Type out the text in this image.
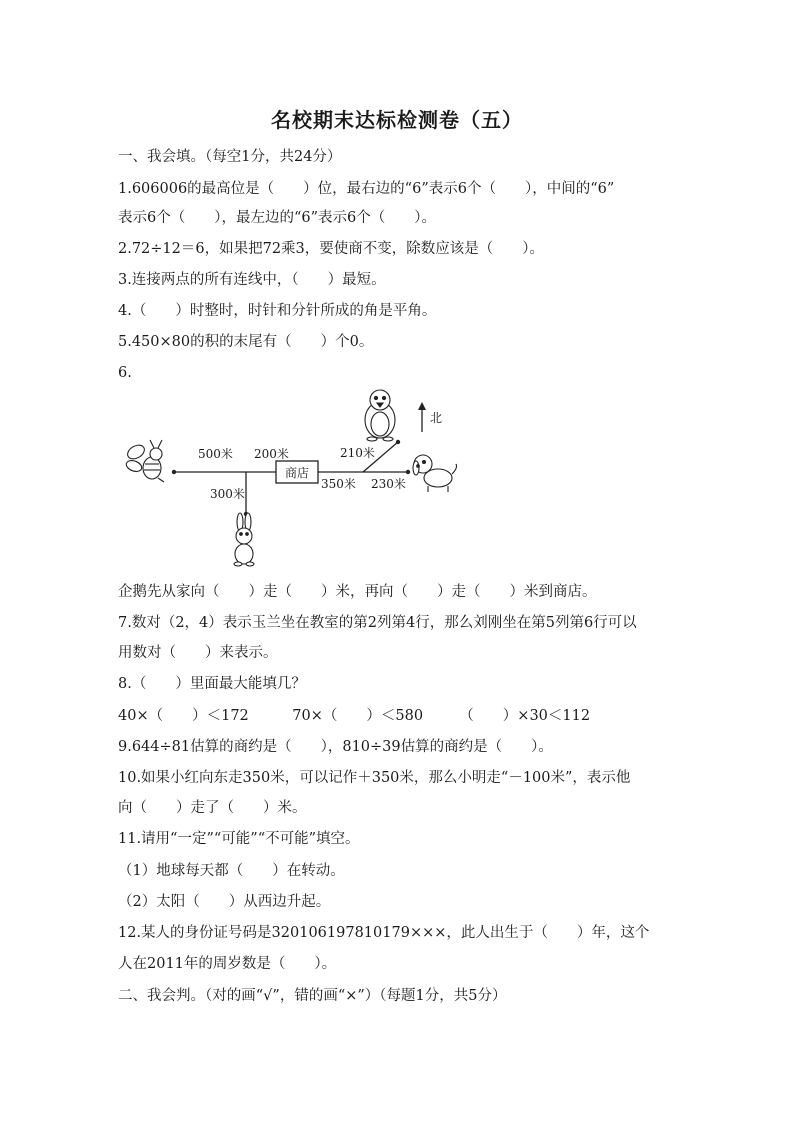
名校期末达标检测卷（五）
一、我会填。（每空1分，共24分）
1.606006的最高位是（　　）位，最右边的“6”表示6个（　　），中间的“6”
表示6个（　　），最左边的“6”表示6个（　　）。
2.72÷12＝6，如果把72乘3，要使商不变，除数应该是（　　）。
3.连接两点的所有连线中，（　　）最短。
4.（　　）时整时，时针和分针所成的角是平角。
5.450×80的积的末尾有（　　）个0。
6.
商店
500米 200米
300米
210米
350米 230米
北
企鹅先从家向（　　）走（　　）米，再向（　　）走（　　）米到商店。
7.数对（2，4）表示玉兰坐在教室的第2列第4行，那么刘刚坐在第5列第6行可以
用数对（　　）来表示。
8.（　　）里面最大能填几？
40×（　　）＜172　　　70×（　　）＜580　　　（　　）×30＜112
9.644÷81估算的商约是（　　），810÷39估算的商约是（　　）。
10.如果小红向东走350米，可以记作＋350米，那么小明走“－100米”，表示他
向（　　）走了（　　）米。
11.请用“一定”“可能”“不可能”填空。
（1）地球每天都（　　）在转动。
（2）太阳（　　）从西边升起。
12.某人的身份证号码是320106197810179×××，此人出生于（　　）年，这个
人在2011年的周岁数是（　　）。
二、我会判。（对的画“√”，错的画“×”）（每题1分，共5分）
